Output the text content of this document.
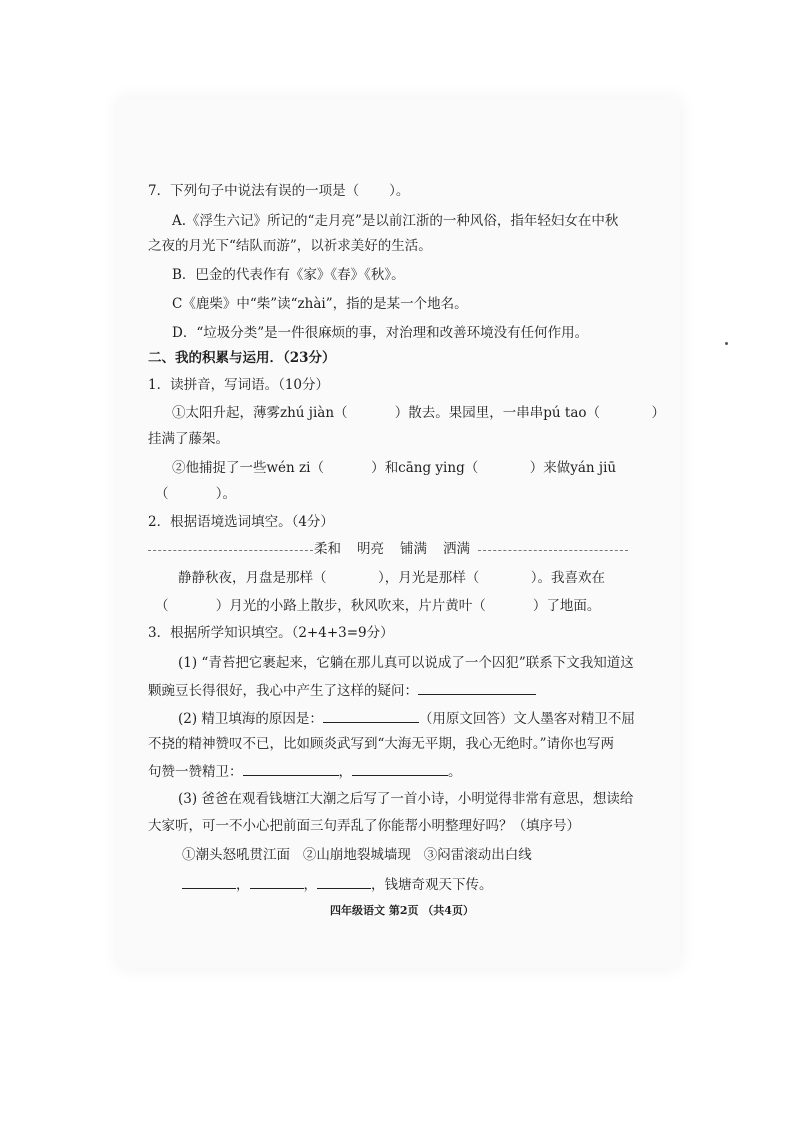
7．下列句子中说法有误的一项是（       ）。
A.《浮生六记》所记的“走月亮”是以前江浙的一种风俗，指年轻妇女在中秋
之夜的月光下“结队而游”，以祈求美好的生活。
B．巴金的代表作有《家》《春》《秋》。
C《鹿柴》中“柴”读“zhài”，指的是某一个地名。
D．“垃圾分类”是一件很麻烦的事，对治理和改善环境没有任何作用。
二、我的积累与运用．（23分）
1．读拼音，写词语。（10分）
①太阳升起，薄雾zhú jiàn（           ）散去。果园里，一串串pú tao（            ）
挂满了藤架。
②他捕捉了一些wén zi（           ）和cāng ying（            ）来做yán jiū
（           ）。
2．根据语境选词填空。（4分）
柔和 明亮 铺满 洒满
静静秋夜，月盘是那样（            ），月光是那样（            ）。我喜欢在
（           ）月光的小路上散步，秋风吹来，片片黄叶（           ）了地面。
3．根据所学知识填空。（2+4+3=9分）
(1) “青苔把它裹起来，它躺在那儿真可以说成了一个囚犯”联系下文我知道这
颗豌豆长得很好，我心中产生了这样的疑问：
(2) 精卫填海的原因是：	（用原文回答）文人墨客对精卫不屈
不挠的精神赞叹不已，比如顾炎武写到“大海无平期，我心无绝时。”请你也写两
句赞一赞精卫：	，	。
(3) 爸爸在观看钱塘江大潮之后写了一首小诗，小明觉得非常有意思，想读给
大家听，可一不小心把前面三句弄乱了你能帮小明整理好吗？（填序号）
①潮头怒吼贯江面 ②山崩地裂城墙现 ③闷雷滚动出白线
，	，	，钱塘奇观天下传。
四年级语文 第2页 （共4页）
